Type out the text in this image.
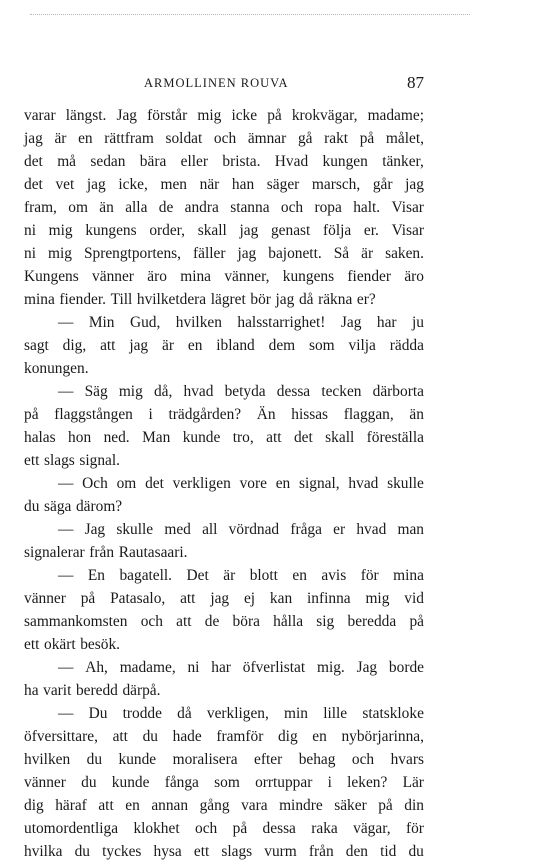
ARMOLLINEN ROUVA	87
varar längst. Jag förstår mig icke på krokvägar, madame;
jag är en rättfram soldat och ämnar gå rakt på målet,
det må sedan bära eller brista. Hvad kungen tänker,
det vet jag icke, men när han säger marsch, går jag
fram, om än alla de andra stanna och ropa halt. Visar
ni mig kungens order, skall jag genast följa er. Visar
ni mig Sprengtportens, fäller jag bajonett. Så är saken.
Kungens vänner äro mina vänner, kungens fiender äro
mina fiender. Till hvilketdera lägret bör jag då räkna er?
— Min Gud, hvilken halsstarrighet! Jag har ju
sagt dig, att jag är en ibland dem som vilja rädda
konungen.
— Säg mig då, hvad betyda dessa tecken därborta
på flaggstången i trädgården? Än hissas flaggan, än
halas hon ned. Man kunde tro, att det skall föreställa
ett slags signal.
— Och om det verkligen vore en signal, hvad skulle
du säga därom?
— Jag skulle med all vördnad fråga er hvad man
signalerar från Rautasaari.
— En bagatell. Det är blott en avis för mina
vänner på Patasalo, att jag ej kan infinna mig vid
sammankomsten och att de böra hålla sig beredda på
ett okärt besök.
— Ah, madame, ni har öfverlistat mig. Jag borde
ha varit beredd därpå.
— Du trodde då verkligen, min lille statskloke
öfversittare, att du hade framför dig en nybörjarinna,
hvilken du kunde moralisera efter behag och hvars
vänner du kunde fånga som orrtuppar i leken? Lär
dig häraf att en annan gång vara mindre säker på din
utomordentliga klokhet och på dessa raka vägar, för
hvilka du tyckes hysa ett slags vurm från den tid du
